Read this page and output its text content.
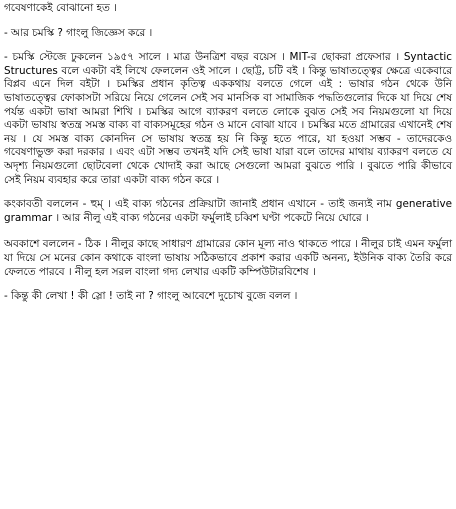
গবেষণাকেই বোঝানো হত ।

- আর চমস্কি ? গাংলু জিজ্ঞেস করে ।

- চমস্কি স্টেজে ঢুকলেন ১৯৫৭ সালে । মাত্র উনত্রিশ বছর বয়েস । MIT-র ছোকরা প্রফেসার । Syntactic Structures বলে একটা বই লিখে ফেললেন ওই সালে । ছোট্ট, চটি বই । কিন্তু ভাষাতত্ত্বের ক্ষেত্রে একেবারে বিপ্লব এনে দিল বইটা । চমস্কির প্রধান কৃতিত্ব এককথায় বলতে গেলে এই : ভাষার গঠন থেকে উনি ভাষাতত্ত্বের ফোকাসটা সরিয়ে নিয়ে গেলেন সেই সব মানসিক বা সামাজিক পদ্ধতিগুলোর দিকে যা দিয়ে শেষ পর্যন্ত একটা ভাষা আমরা শিখি । চমস্কির আগে ব্যাকরণ বলতে লোকে বুঝত সেই সব নিয়মগুলো যা দিয়ে একটা ভাষায় স্বতন্ত্র সমস্ত বাক্য বা বাক্যসমূহের গঠন ও মানে বোঝা যাবে । চমস্কির মতে গ্রামারের এখানেই শেষ নয় । যে সমস্ত বাক্য কোনদিন সে ভাষায় স্বতন্ত্র হয় নি কিন্তু হতে পারে, যা হওয়া সম্ভব - তাদেরকেও গবেষণাভুক্ত করা দরকার । এবং এটা সম্ভব তখনই যদি সেই ভাষা যারা বলে তাদের মাথায় ব্যাকরণ বলতে যে অদৃশ্য নিয়মগুলো ছোটবেলা থেকে খোদাই করা আছে সেগুলো আমরা বুঝতে পারি । বুঝতে পারি কীভাবে সেই নিয়ম ব্যবহার করে তারা একটা বাক্য গঠন করে ।

কংকাবতী বললেন - হুম্ । এই বাক্য গঠনের প্রক্রিয়াটা জানাই প্রধান এখানে - তাই জন্যই নাম generative grammar । আর নীলু এই বাক্য গঠনের একটা ফর্মুলাই চব্বিশ ঘণ্টা পকেটে নিয়ে ঘোরে ।

অবকাশে বললেন - ঠিক । নীলুর কাছে সাধারণ গ্রামারের কোন মূল্য নাও থাকতে পারে । নীলুর চাই এমন ফর্মুলা যা দিয়ে সে মনের কোন কথাকে বাংলা ভাষায় সঠিকভাবে প্রকাশ করার একটি অনন্য, ইউনিক বাক্য তৈরি করে ফেলতে পারবে । নীলু হল সরল বাংলা গদ্য লেখার একটি কম্পিউটারবিশেষ ।

- কিন্তু কী লেখা ! কী স্লো ! তাই না ? গাংলু আবেশে দুচোখ বুজে বলল ।
